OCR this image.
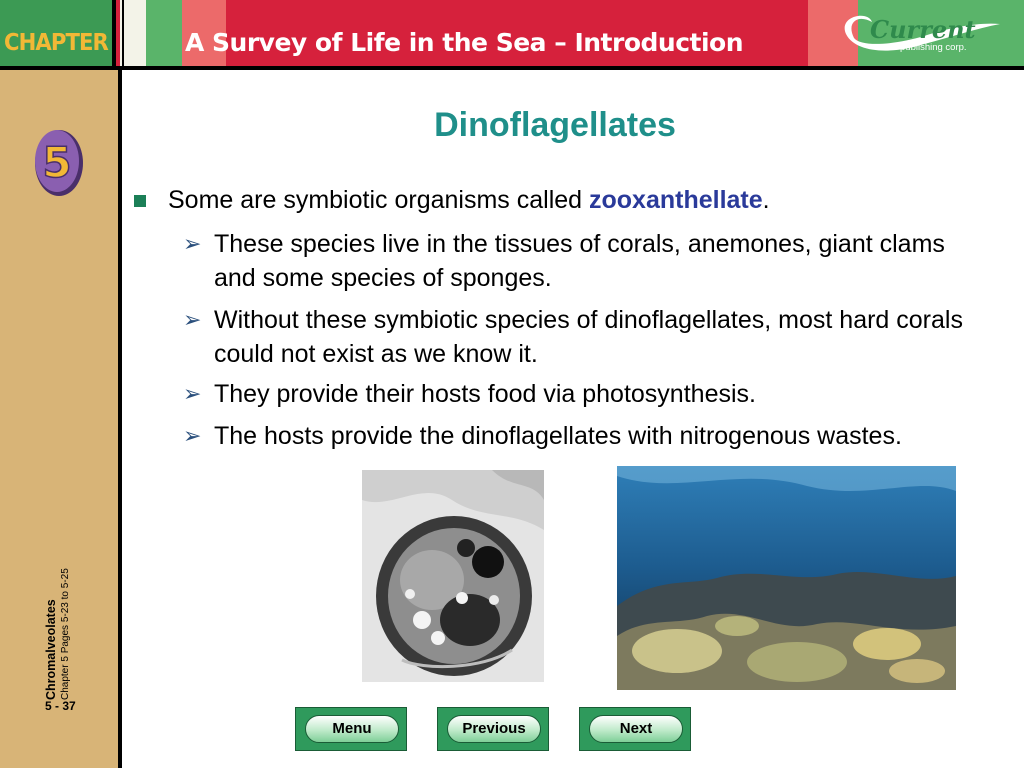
CHAPTER	A Survey of Life in the Sea – Introduction	Current
publishing corp.
5
Chromalveolates Chapter 5 Pages 5-23 to 5-25
5 - 37
Dinoflagellates
Some are symbiotic organisms called zooxanthellate.
➢ These species live in the tissues of corals, anemones, giant clams and some species of sponges.
➢ Without these symbiotic species of dinoflagellates, most hard corals could not exist as we know it.
➢ They provide their hosts food via photosynthesis.
➢ The hosts provide the dinoflagellates with nitrogenous wastes.
Menu	Previous	Next
